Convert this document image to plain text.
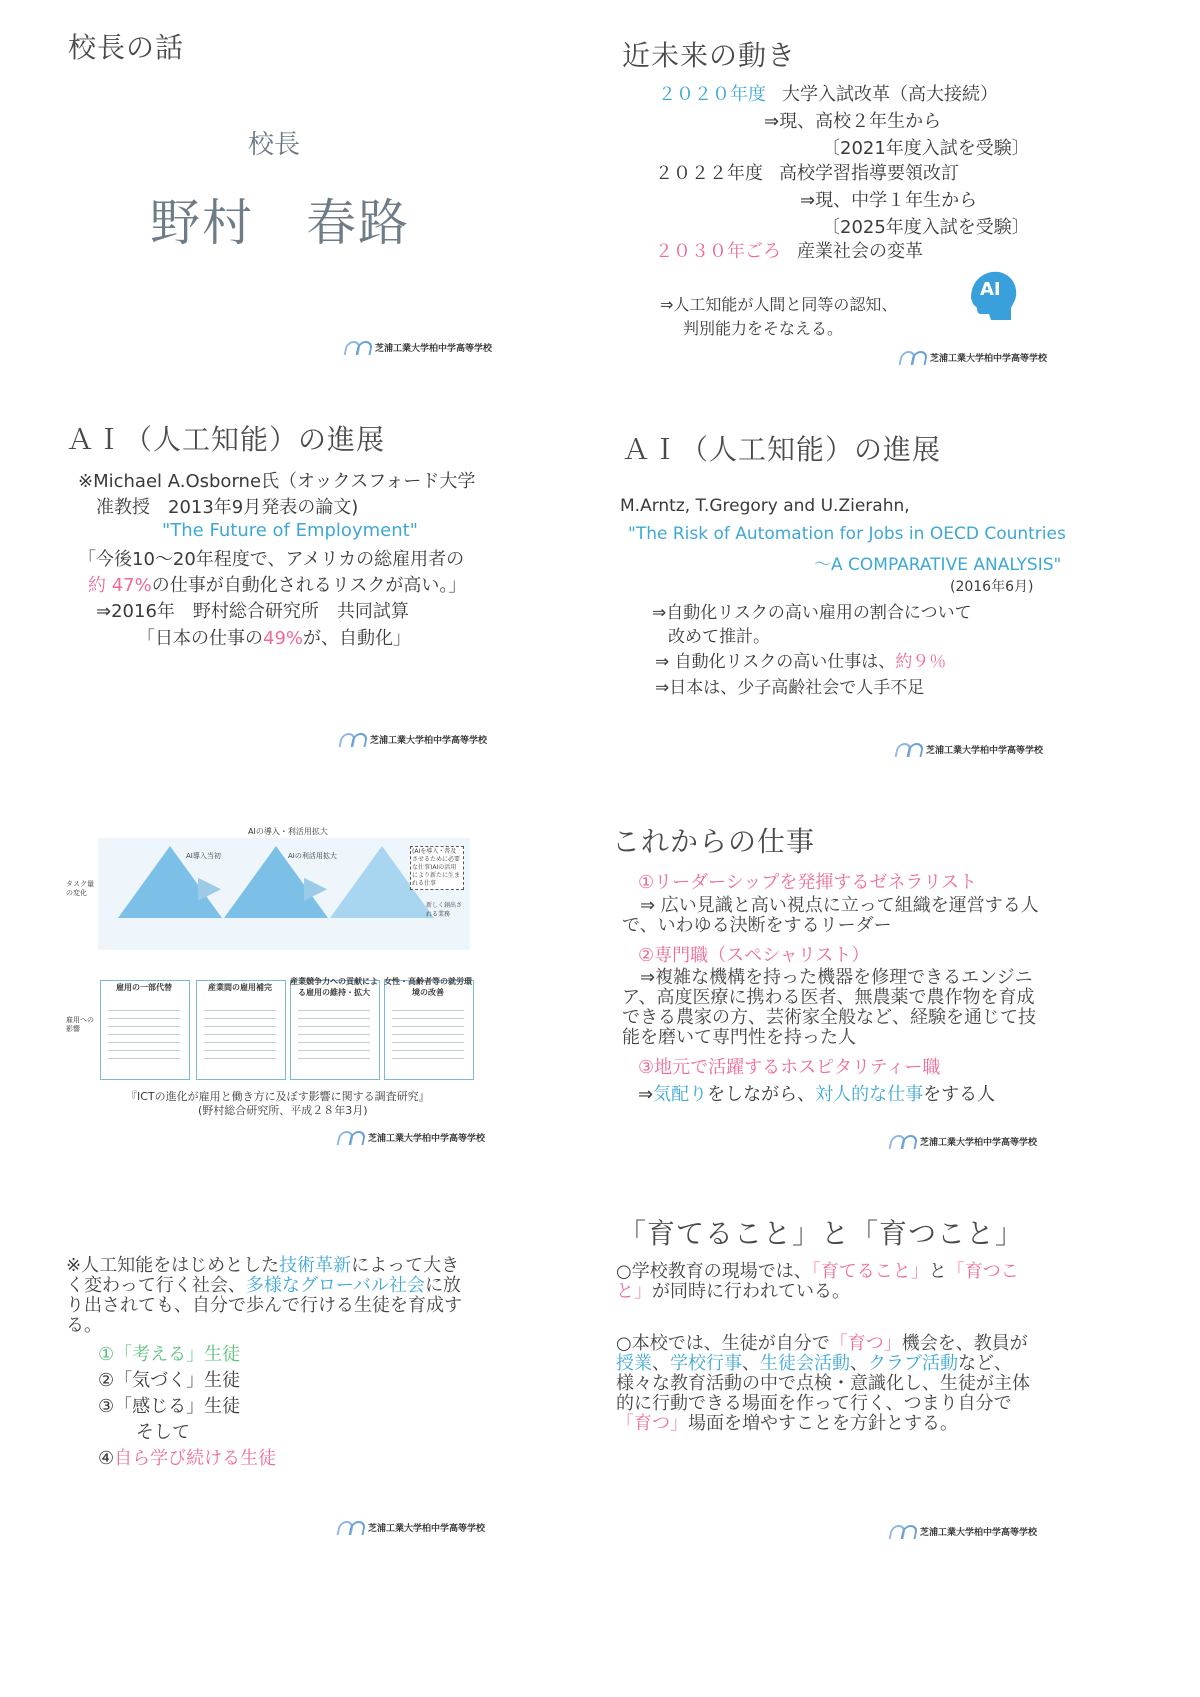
校長の話
校長
野村　春路
芝浦工業大学柏中学高等学校
近未来の動き
２０２０年度 大学入試改革（高大接続）
⇒現、高校２年生から
〔2021年度入試を受験〕
２０２２年度 高校学習指導要領改訂
⇒現、中学１年生から
〔2025年度入試を受験〕
２０３０年ごろ 産業社会の変革
⇒人工知能が人間と同等の認知、
判別能力をそなえる。
AI
芝浦工業大学柏中学高等学校
ＡＩ（人工知能）の進展
※Michael A.Osborne氏（オックスフォード大学
准教授　2013年9月発表の論文)
"The Future of Employment"
「今後10～20年程度で、アメリカの総雇用者の
約 47%の仕事が自動化されるリスクが高い。」
⇒2016年　野村総合研究所　共同試算
「日本の仕事の49%が、自動化」
芝浦工業大学柏中学高等学校
ＡＩ（人工知能）の進展
M.Arntz, T.Gregory and U.Zierahn,
"The Risk of Automation for Jobs in OECD Countries
～A COMPARATIVE ANALYSIS"
(2016年6月)
⇒自動化リスクの高い雇用の割合について
改めて推計。
⇒ 自動化リスクの高い仕事は、約９％
⇒日本は、少子高齢社会で人手不足
芝浦工業大学柏中学高等学校
AIの導入・利活用拡大
AI導入当初	AIの利活用拡大
タスク量の変化	▶	▶
(AIを導入・普及させるために必要な仕事)AIの活用により新たに生まれる仕事
新しく創出される業務
雇用への影響
雇用の一部代替	産業間の雇用補完
産業競争力への貢献による雇用の維持・拡大
女性・高齢者等の就労環境の改善
『ICTの進化が雇用と働き方に及ぼす影響に関する調査研究』
(野村総合研究所、平成２８年3月)
芝浦工業大学柏中学高等学校
これからの仕事
①リーダーシップを発揮するゼネラリスト
⇒ 広い見識と高い視点に立って組織を運営する人で、いわゆる決断をするリーダー
②専門職（スペシャリスト）
⇒複雑な機構を持った機器を修理できるエンジニア、高度医療に携わる医者、無農薬で農作物を育成できる農家の方、芸術家全般など、経験を通じて技能を磨いて専門性を持った人
③地元で活躍するホスピタリティー職
⇒気配りをしながら、対人的な仕事をする人
芝浦工業大学柏中学高等学校
※人工知能をはじめとした技術革新によって大きく変わって行く社会、多様なグローバル社会に放り出されても、自分で歩んで行ける生徒を育成する。
①「考える」生徒
②「気づく」生徒
③「感じる」生徒
そして
④自ら学び続ける生徒
芝浦工業大学柏中学高等学校
「育てること」と「育つこと」
○学校教育の現場では、「育てること」と「育つこと」が同時に行われている。
○本校では、生徒が自分で「育つ」機会を、教員が授業、学校行事、生徒会活動、クラブ活動など、様々な教育活動の中で点検・意識化し、生徒が主体的に行動できる場面を作って行く、つまり自分で「育つ」場面を増やすことを方針とする。
芝浦工業大学柏中学高等学校
